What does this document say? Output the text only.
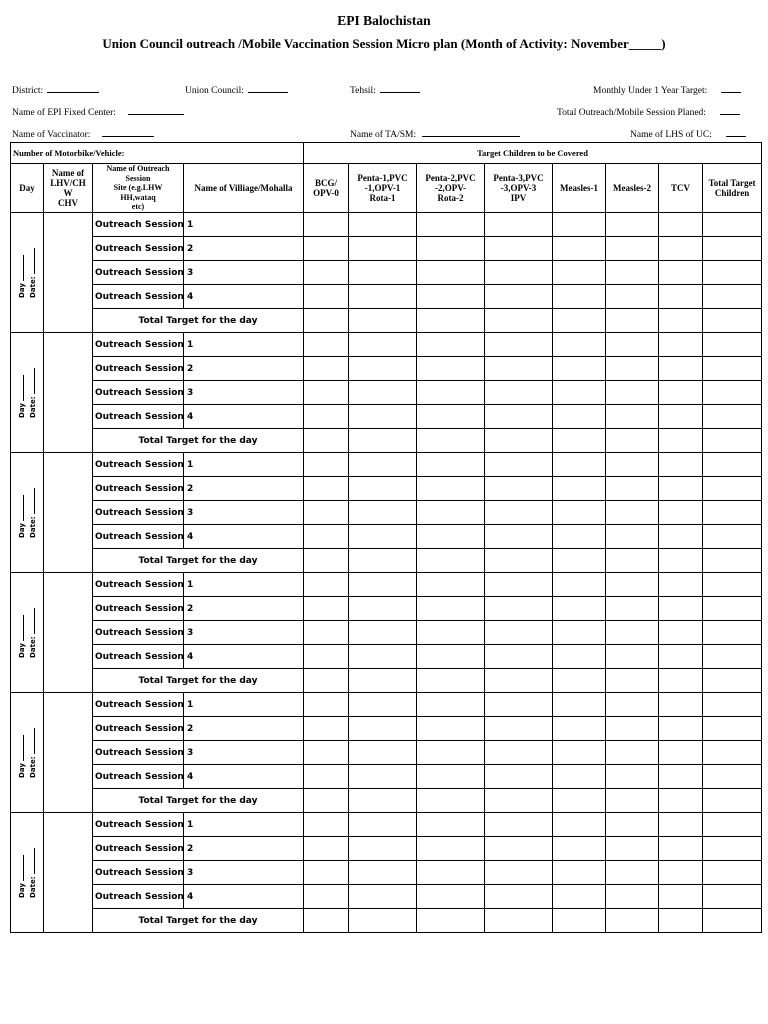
EPI Balochistan
Union Council outreach /Mobile Vaccination Session Micro plan (Month of Activity: November_____)
District:	Union Council:	Tehsil:	Monthly Under 1 Year Target:
Name of EPI Fixed Center:	Total Outreach/Mobile Session Planed:
Name of Vaccinator:	Name of TA/SM:	Name of LHS of UC:
Number of Motorbike/Vehicle:				Target Children to be Covered							
Day	Name of
LHV/CH
W
CHV	Name of Outreach
Session
Site (e.g.LHW
HH,wataq
etc)	Name of Villiage/Mohalla	BCG/
OPV-0	Penta-1,PVC
-1,OPV-1
Rota-1	Penta-2,PVC
-2,OPV-
Rota-2	Penta-3,PVC
-3,OPV-3
IPV	Measles-1	Measles-2	TCV	Total Target
Children

Day Date:		Outreach Session 1									
		Outreach Session 2									
		Outreach Session 3									
		Outreach Session 4									
		Total Target for the day									

Day Date:		Outreach Session 1									
		Outreach Session 2									
		Outreach Session 3									
		Outreach Session 4									
		Total Target for the day									

Day Date:		Outreach Session 1									
		Outreach Session 2									
		Outreach Session 3									
		Outreach Session 4									
		Total Target for the day									

Day Date:		Outreach Session 1									
		Outreach Session 2									
		Outreach Session 3									
		Outreach Session 4									
		Total Target for the day									

Day Date:		Outreach Session 1									
		Outreach Session 2									
		Outreach Session 3									
		Outreach Session 4									
		Total Target for the day									

Day Date:		Outreach Session 1									
		Outreach Session 2									
		Outreach Session 3									
		Outreach Session 4									
		Total Target for the day									
